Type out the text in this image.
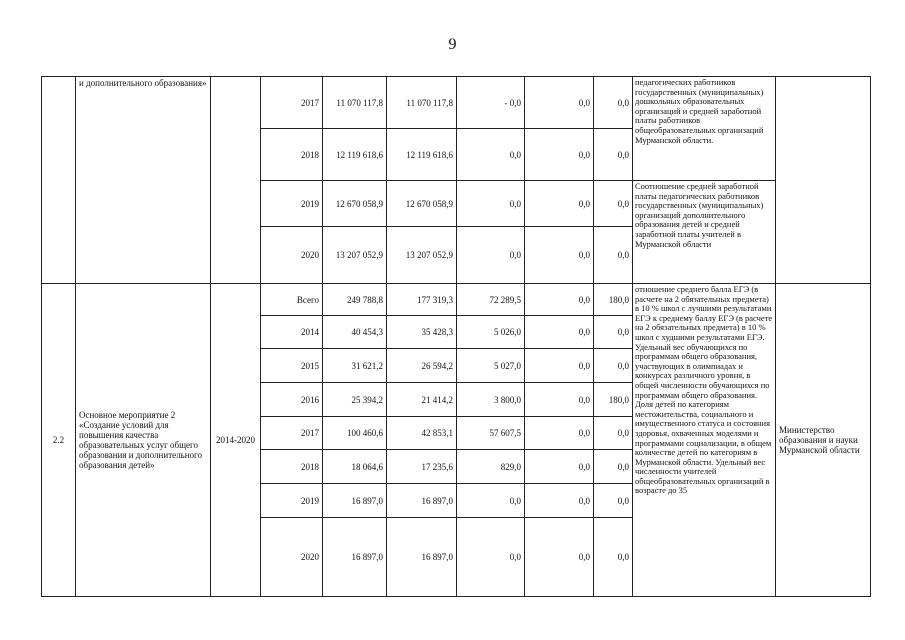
9
	и дополнительного образования»		2017	11 070 117,8	11 070 117,8	- 0,0	0,0	0,0	педагогических работников государственных (муниципальных) дошкольных образовательных организаций и средней заработной платы работников общеобразовательных организаций Мурманской области.	
			2018	12 119 618,6	12 119 618,6	0,0	0,0	0,0		
			2019	12 670 058,9	12 670 058,9	0,0	0,0	0,0	Соотношение средней заработной платы педагогических работников государственных (муниципальных) организаций дополнительного образования детей и средней заработной платы учителей в Мурманской области	
			2020	13 207 052,9	13 207 052,9	0,0	0,0	0,0		
2.2	Основное мероприятие 2 «Создание условий для повышения качества образовательных услуг общего образования и дополнительного образования детей»	2014-2020	Всего	249 788,8	177 319,3	72 289,5	0,0	180,0	отношение среднего балла ЕГЭ (в расчете на 2 обязательных предмета) в 10 % школ с лучшими результатами ЕГЭ к среднему баллу ЕГЭ (в расчете на 2 обязательных предмета) в 10 % школ с худшими результатами ЕГЭ. Удельный вес обучающихся по программам общего образования, участвующих в олимпиадах и конкурсах различного уровня, в общей численности обучающихся по программам общего образования. Доля детей по категориям местожительства, социального и имущественного статуса и состояния здоровья, охваченных моделями и программами социализации, в общем количестве детей по категориям в Мурманской области. Удельный вес численности учителей общеобразовательных организаций в возрасте до 35	Министерство образования и науки Мурманской области
			2014	40 454,3	35 428,3	5 026,0	0,0	0,0		
			2015	31 621,2	26 594,2	5 027,0	0,0	0,0		
			2016	25 394,2	21 414,2	3 800,0	0,0	180,0		
			2017	100 460,6	42 853,1	57 607,5	0,0	0,0		
			2018	18 064,6	17 235,6	829,0	0,0	0,0		
			2019	16 897,0	16 897,0	0,0	0,0	0,0		
			2020	16 897,0	16 897,0	0,0	0,0	0,0		
